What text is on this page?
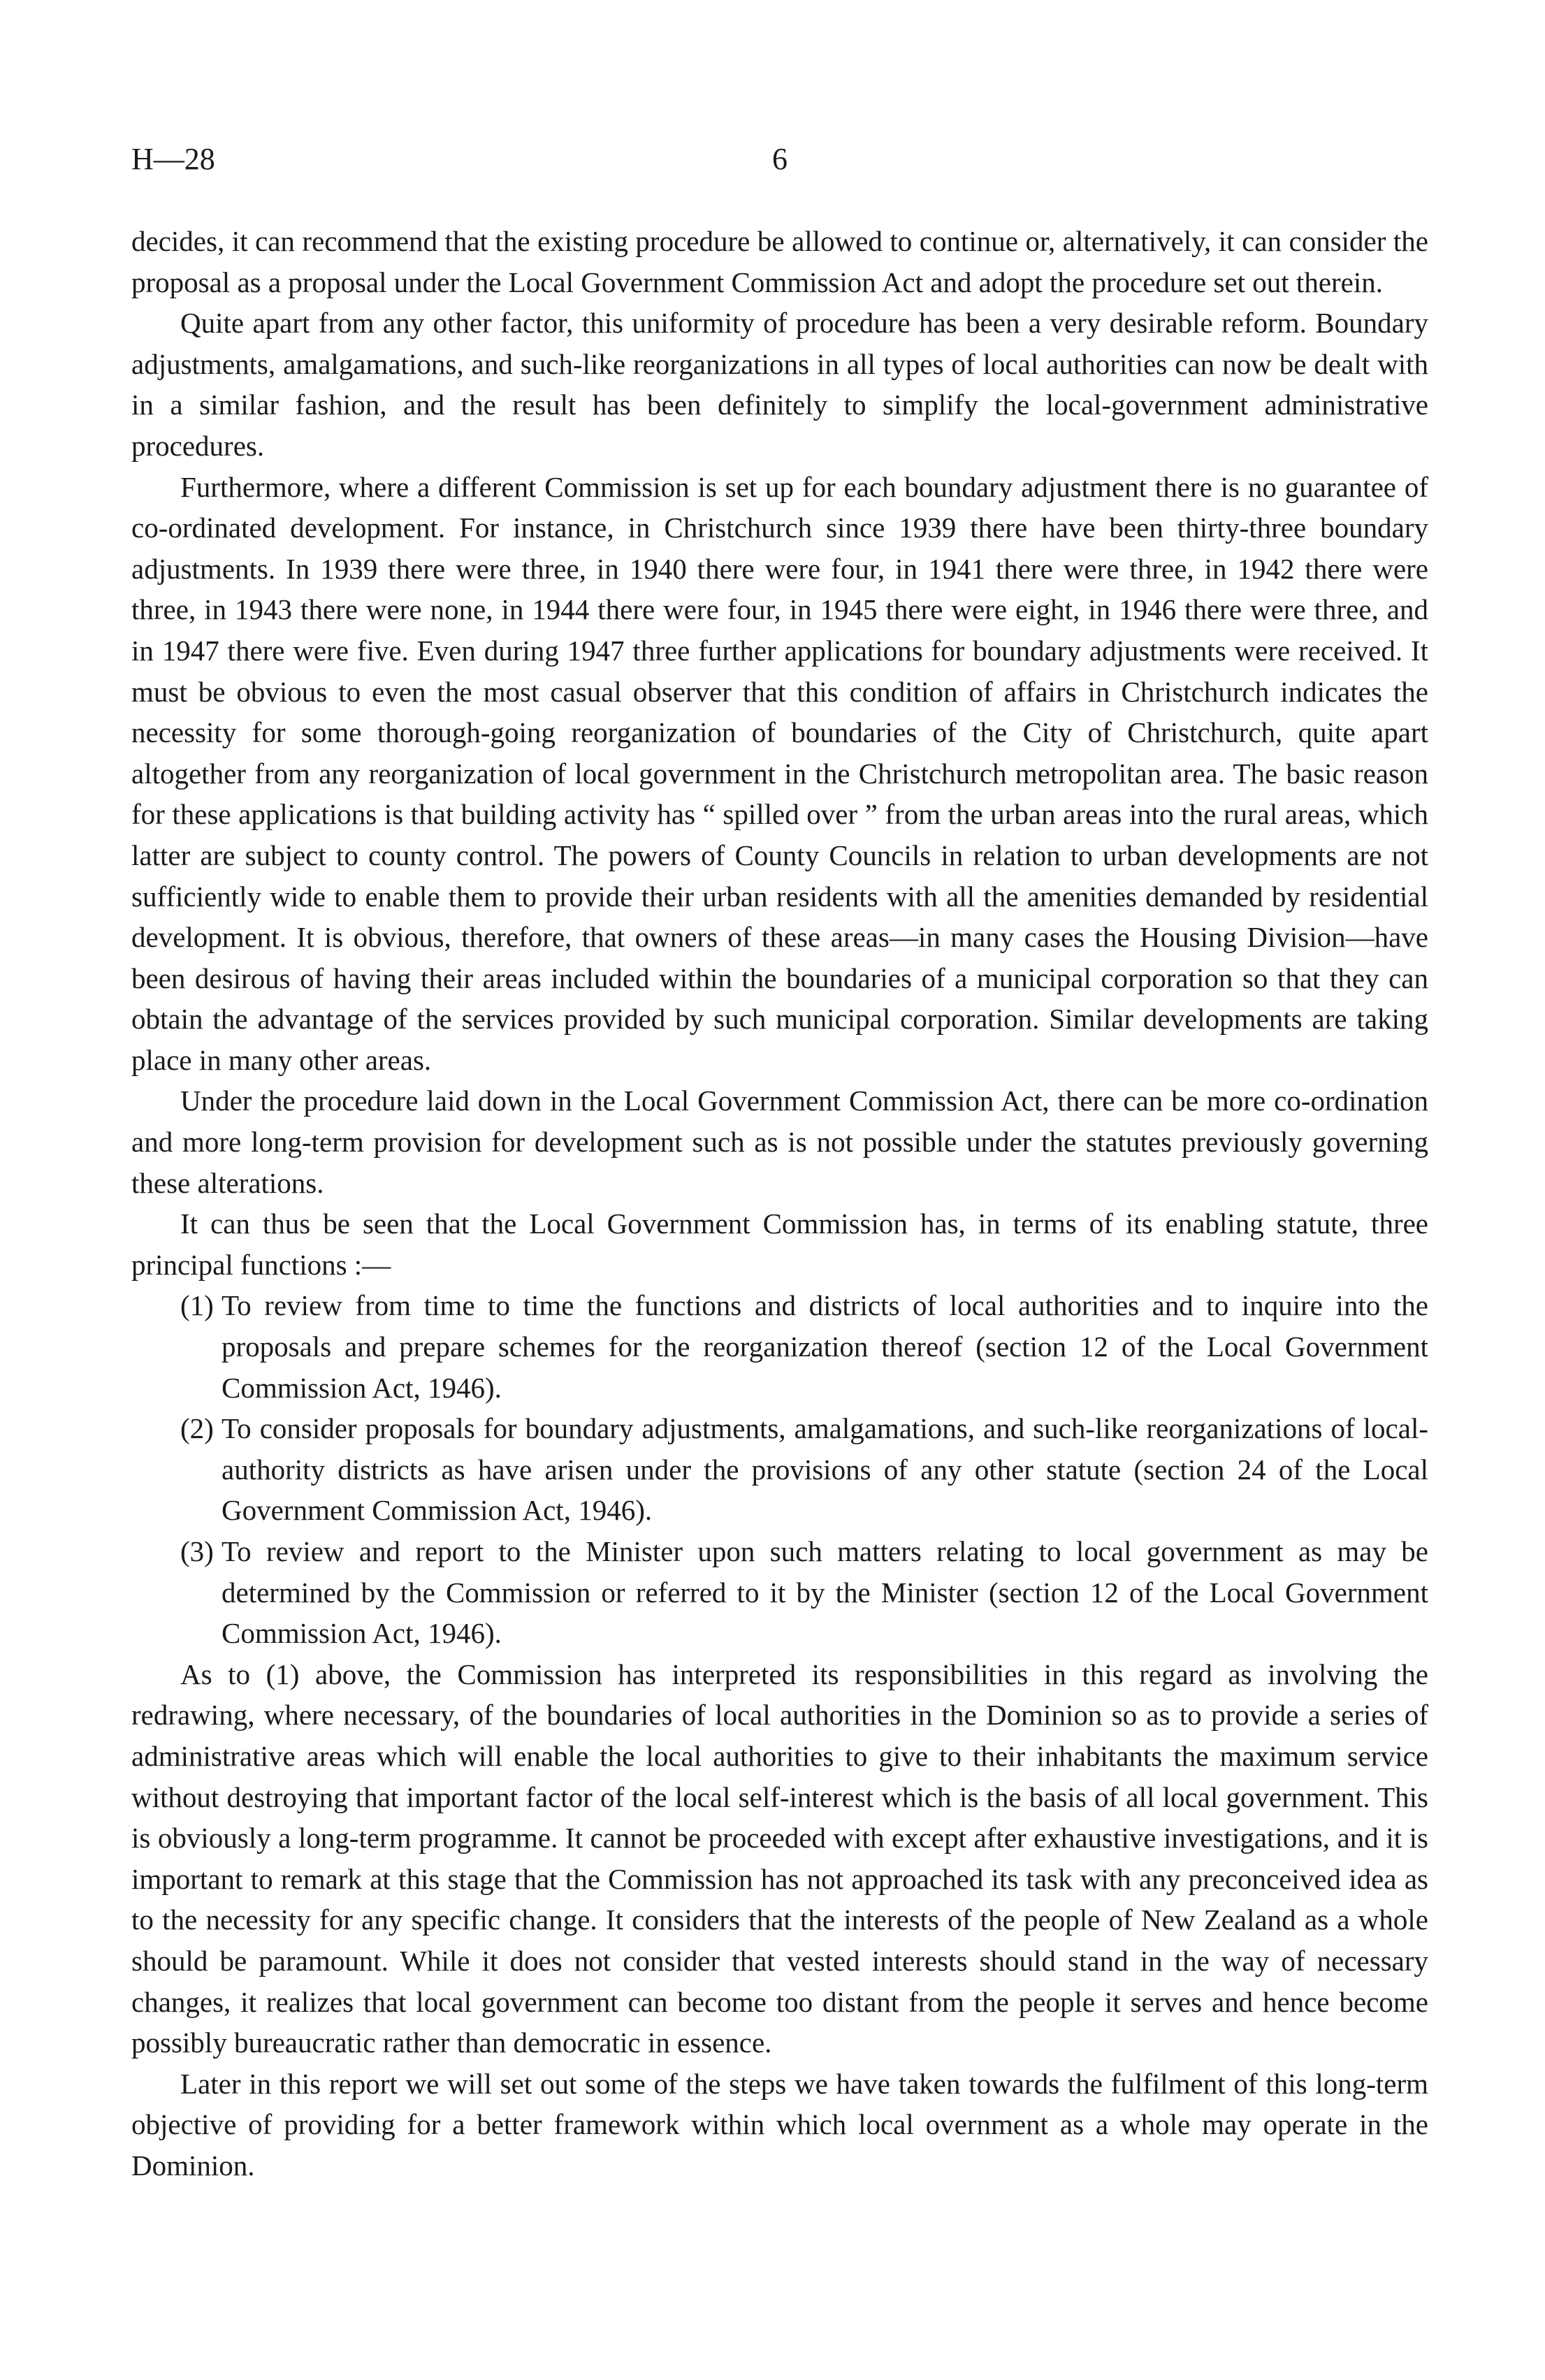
H—28	6

decides, it can recommend that the existing procedure be allowed to continue or, alternatively, it can consider the proposal as a proposal under the Local Government Commission Act and adopt the procedure set out therein.

Quite apart from any other factor, this uniformity of procedure has been a very desirable reform. Boundary adjustments, amalgamations, and such-like reorganizations in all types of local authorities can now be dealt with in a similar fashion, and the result has been definitely to simplify the local-government administrative procedures.

Furthermore, where a different Commission is set up for each boundary adjustment there is no guarantee of co-ordinated development. For instance, in Christchurch since 1939 there have been thirty-three boundary adjustments. In 1939 there were three, in 1940 there were four, in 1941 there were three, in 1942 there were three, in 1943 there were none, in 1944 there were four, in 1945 there were eight, in 1946 there were three, and in 1947 there were five. Even during 1947 three further applications for boundary adjustments were received. It must be obvious to even the most casual observer that this condition of affairs in Christchurch indicates the necessity for some thorough-going reorganization of boundaries of the City of Christchurch, quite apart altogether from any reorganization of local government in the Christchurch metropolitan area. The basic reason for these applications is that building activity has “ spilled over ” from the urban areas into the rural areas, which latter are subject to county control. The powers of County Councils in relation to urban developments are not sufficiently wide to enable them to provide their urban residents with all the amenities demanded by residential development. It is obvious, therefore, that owners of these areas—in many cases the Housing Division—have been desirous of having their areas included within the boundaries of a municipal corporation so that they can obtain the advantage of the services provided by such municipal corporation. Similar developments are taking place in many other areas.

Under the procedure laid down in the Local Government Commission Act, there can be more co-ordination and more long-term provision for development such as is not possible under the statutes previously governing these alterations.

It can thus be seen that the Local Government Commission has, in terms of its enabling statute, three principal functions :—

(1) To review from time to time the functions and districts of local authorities and to inquire into the proposals and prepare schemes for the reorganization thereof (section 12 of the Local Government Commission Act, 1946).
(2) To consider proposals for boundary adjustments, amalgamations, and such-like reorganizations of local-authority districts as have arisen under the provisions of any other statute (section 24 of the Local Government Commission Act, 1946).
(3) To review and report to the Minister upon such matters relating to local government as may be determined by the Commission or referred to it by the Minister (section 12 of the Local Government Commission Act, 1946).

As to (1) above, the Commission has interpreted its responsibilities in this regard as involving the redrawing, where necessary, of the boundaries of local authorities in the Dominion so as to provide a series of administrative areas which will enable the local authorities to give to their inhabitants the maximum service without destroying that important factor of the local self-interest which is the basis of all local government. This is obviously a long-term programme. It cannot be proceeded with except after exhaustive investigations, and it is important to remark at this stage that the Commission has not approached its task with any preconceived idea as to the necessity for any specific change. It considers that the interests of the people of New Zealand as a whole should be paramount. While it does not consider that vested interests should stand in the way of necessary changes, it realizes that local government can become too distant from the people it serves and hence become possibly bureaucratic rather than democratic in essence.

Later in this report we will set out some of the steps we have taken towards the fulfilment of this long-term objective of providing for a better framework within which local overnment as a whole may operate in the Dominion.
